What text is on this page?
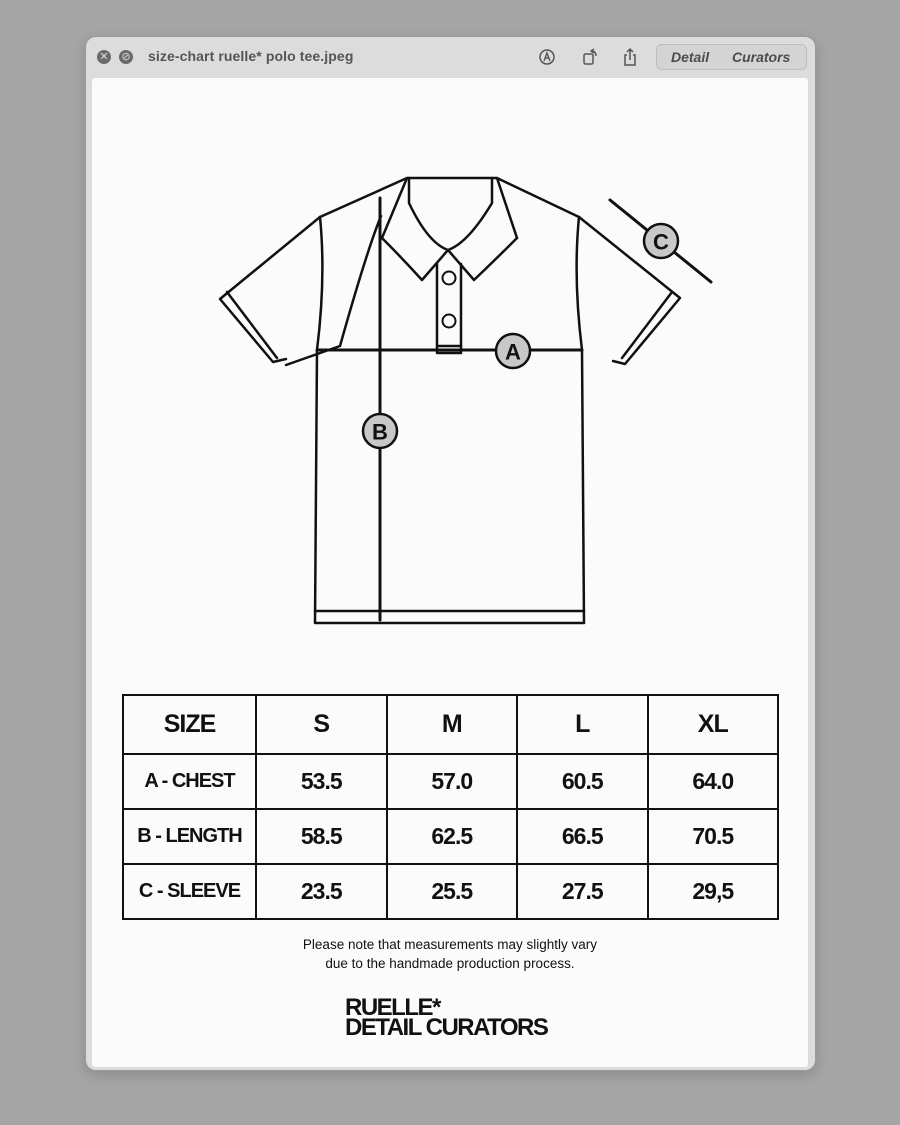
✕ ⊘ size-chart ruelle* polo tee.jpeg	Detail Curators
A
B
C
SIZE	S	M	L	XL
A - CHEST	53.5	57.0	60.5	64.0
B - LENGTH	58.5	62.5	66.5	70.5
C - SLEEVE	23.5	25.5	27.5	29,5
Please note that measurements may slightly vary
due to the handmade production process.
RUELLE*
DETAIL CURATORS
